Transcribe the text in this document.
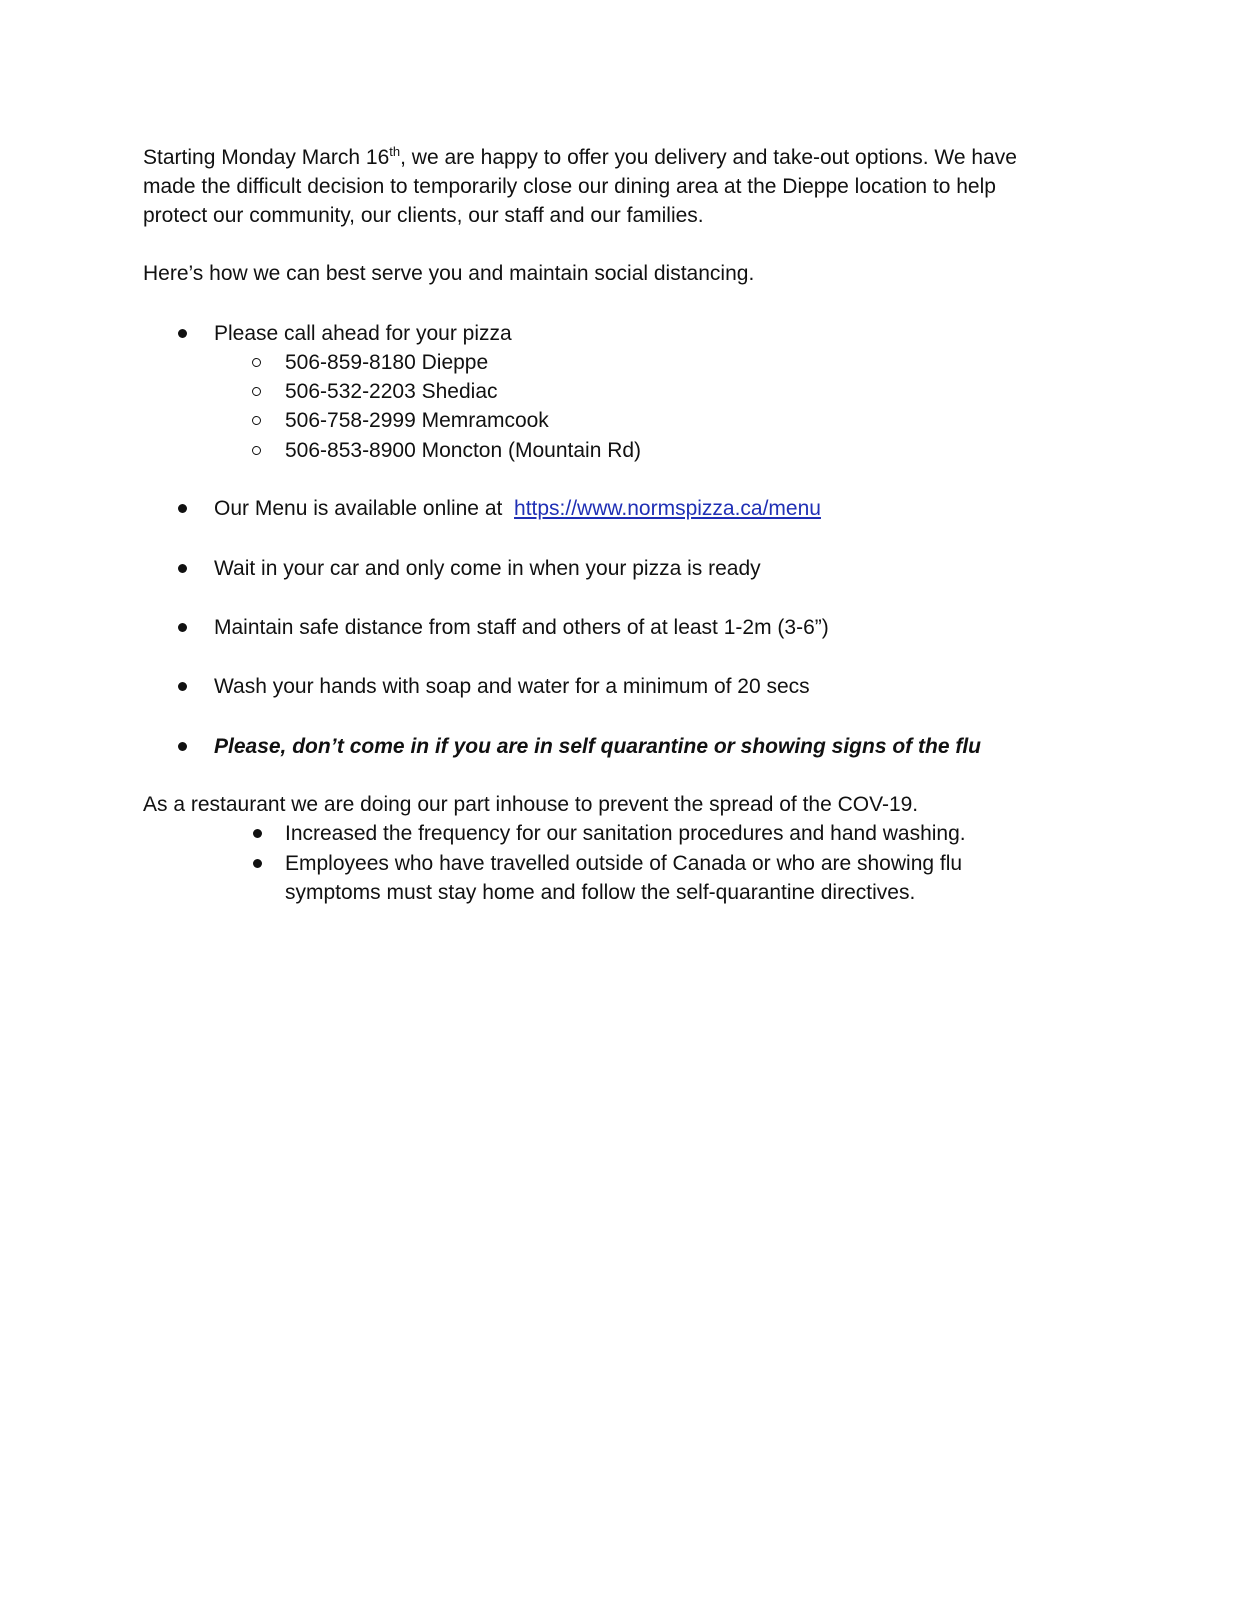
Starting Monday March 16th, we are happy to offer you delivery and take-out options. We have
made the difficult decision to temporarily close our dining area at the Dieppe location to help
protect our community, our clients, our staff and our families.
Here’s how we can best serve you and maintain social distancing.
Please call ahead for your pizza
506-859-8180 Dieppe
506-532-2203 Shediac
506-758-2999 Memramcook
506-853-8900 Moncton (Mountain Rd)
Our Menu is available online at https://www.normspizza.ca/menu
Wait in your car and only come in when your pizza is ready
Maintain safe distance from staff and others of at least 1-2m (3-6”)
Wash your hands with soap and water for a minimum of 20 secs
Please, don’t come in if you are in self quarantine or showing signs of the flu
As a restaurant we are doing our part inhouse to prevent the spread of the COV-19.
Increased the frequency for our sanitation procedures and hand washing.
Employees who have travelled outside of Canada or who are showing flu
symptoms must stay home and follow the self-quarantine directives.
